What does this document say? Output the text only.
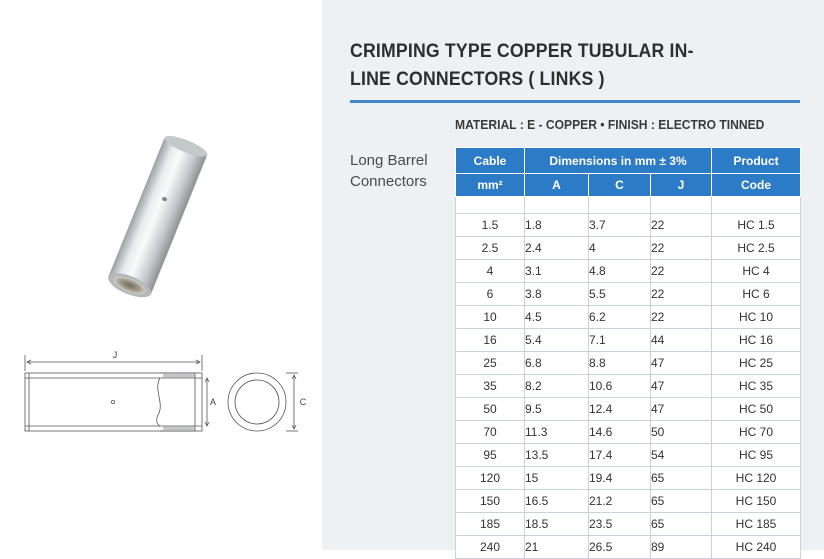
J
A	C
CRIMPING TYPE COPPER TUBULAR IN-
LINE CONNECTORS ( LINKS )
MATERIAL : E - COPPER • FINISH : ELECTRO TINNED
Long Barrel
Connectors
Cable	Dimensions in mm ± 3%			Product
mm²	A	C	J	Code

1.5	1.8	3.7	22	HC 1.5
2.5	2.4	4	22	HC 2.5
4	3.1	4.8	22	HC 4
6	3.8	5.5	22	HC 6
10	4.5	6.2	22	HC 10
16	5.4	7.1	44	HC 16
25	6.8	8.8	47	HC 25
35	8.2	10.6	47	HC 35
50	9.5	12.4	47	HC 50
70	11.3	14.6	50	HC 70
95	13.5	17.4	54	HC 95
120	15	19.4	65	HC 120
150	16.5	21.2	65	HC 150
185	18.5	23.5	65	HC 185
240	21	26.5	89	HC 240
